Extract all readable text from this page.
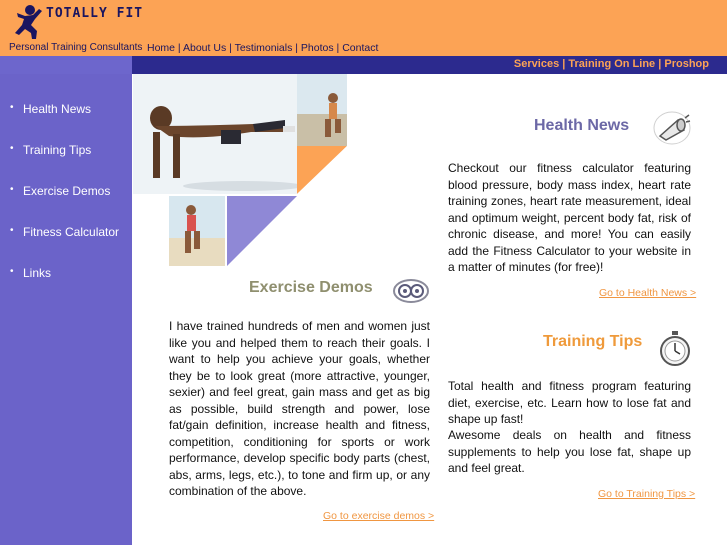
TOTALLY FIT
Personal Training Consultants Home | About Us | Testimonials | Photos | Contact
Services | Training On Line | Proshop
• Health News
• Training Tips
• Exercise Demos
• Fitness Calculator
• Links
Exercise Demos
I have trained hundreds of men and women just like you and helped them to reach their goals. I want to help you achieve your goals, whether they be to look great (more attractive, younger, sexier) and feel great, gain mass and get as big as possible, build strength and power, lose fat/gain definition, increase health and fitness, competition, conditioning for sports or work performance, develop specific body parts (chest, abs, arms, legs, etc.), to tone and firm up, or any combination of the above.
Go to exercise demos >
Health News
Checkout our fitness calculator featuring blood pressure, body mass index, heart rate training zones, heart rate measurement, ideal and optimum weight, percent body fat, risk of chronic disease, and more! You can easily add the Fitness Calculator to your website in a matter of minutes (for free)!
Go to Health News >
Training Tips
Total health and fitness program featuring diet, exercise, etc. Learn how to lose fat and shape up fast!
Awesome deals on health and fitness supplements to help you lose fat, shape up and feel great.
Go to Training Tips >
